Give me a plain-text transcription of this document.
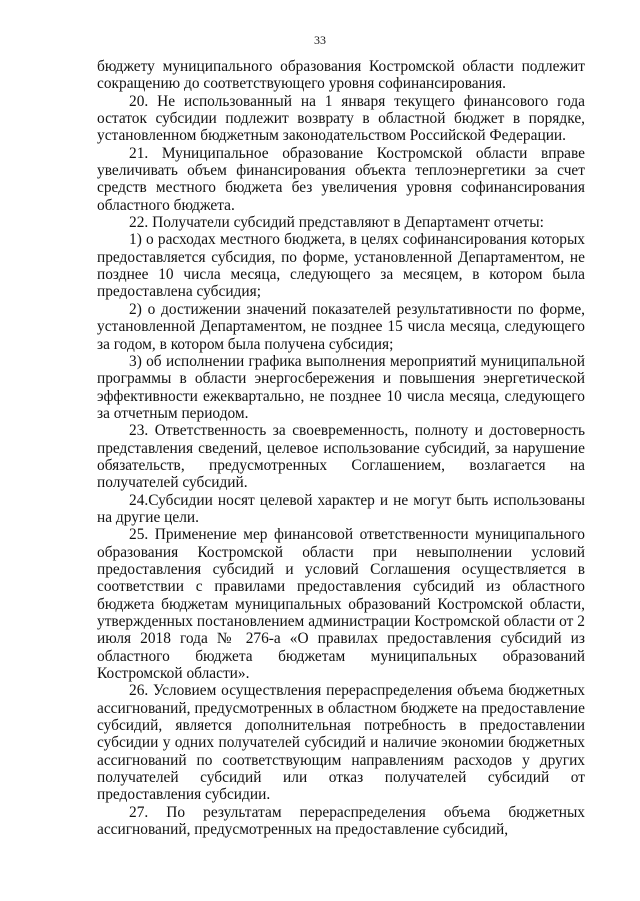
33

бюджету муниципального образования Костромской области подлежит сокращению до соответствующего уровня софинансирования.

20. Не использованный на 1 января текущего финансового года остаток субсидии подлежит возврату в областной бюджет в порядке, установленном бюджетным законодательством Российской Федерации.

21. Муниципальное образование Костромской области вправе увеличивать объем финансирования объекта теплоэнергетики за счет средств местного бюджета без увеличения уровня софинансирования областного бюджета.

22. Получатели субсидий представляют в Департамент отчеты:

1) о расходах местного бюджета, в целях софинансирования которых предоставляется субсидия, по форме, установленной Департаментом, не позднее 10 числа месяца, следующего за месяцем, в котором была предоставлена субсидия;

2) о достижении значений показателей результативности по форме, установленной Департаментом, не позднее 15 числа месяца, следующего за годом, в котором была получена субсидия;

3) об исполнении графика выполнения мероприятий муниципальной программы в области энергосбережения и повышения энергетической эффективности ежеквартально, не позднее 10 числа месяца, следующего за отчетным периодом.

23. Ответственность за своевременность, полноту и достоверность представления сведений, целевое использование субсидий, за нарушение обязательств, предусмотренных Соглашением, возлагается на получателей субсидий.

24.Субсидии носят целевой характер и не могут быть использованы на другие цели.

25. Применение мер финансовой ответственности муниципального образования Костромской области при невыполнении условий предоставления субсидий и условий Соглашения осуществляется в соответствии с правилами предоставления субсидий из областного бюджета бюджетам муниципальных образований Костромской области, утвержденных постановлением администрации Костромской области от 2 июля 2018 года № 276-а «О правилах предоставления субсидий из областного бюджета бюджетам муниципальных образований Костромской области».

26. Условием осуществления перераспределения объема бюджетных ассигнований, предусмотренных в областном бюджете на предоставление субсидий, является дополнительная потребность в предоставлении субсидии у одних получателей субсидий и наличие экономии бюджетных ассигнований по соответствующим направлениям расходов у других получателей субсидий или отказ получателей субсидий от предоставления субсидии.

27. По результатам перераспределения объема бюджетных ассигнований, предусмотренных на предоставление субсидий,
